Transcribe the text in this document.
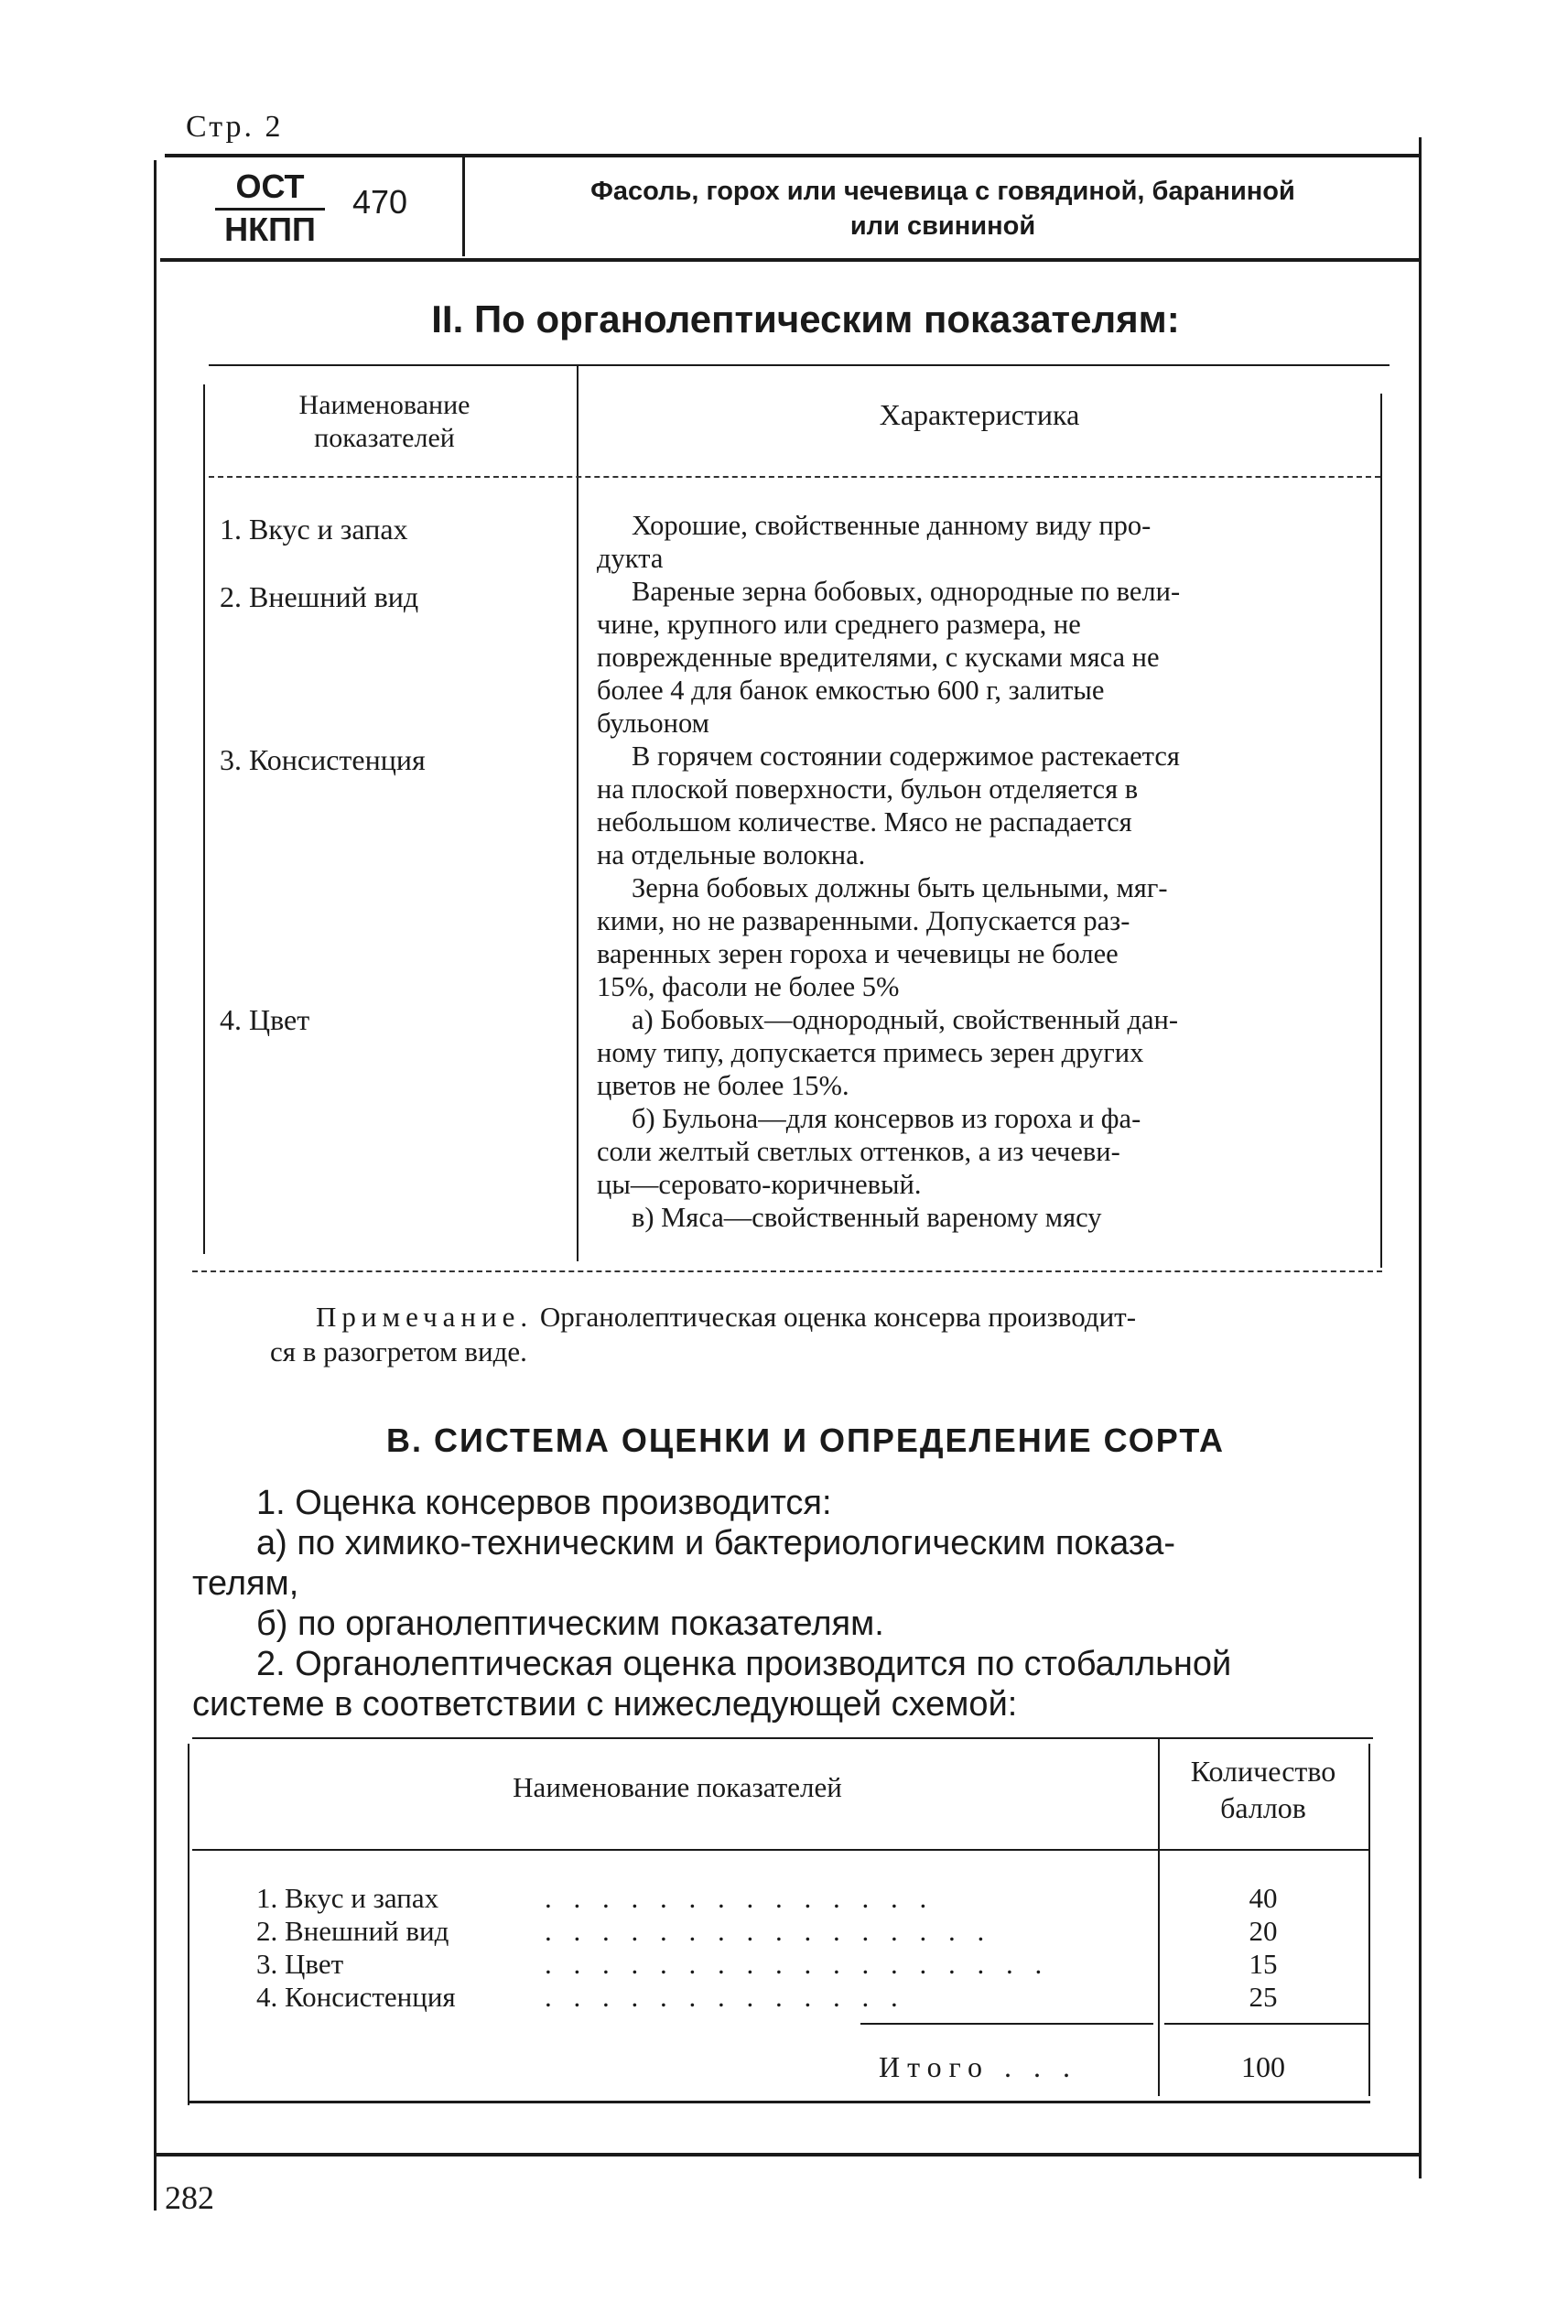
Стр. 2
ОСТ
НКПП
470	Фасоль, горох или чечевица с говядиной, бараниной
или свининой
II. По органолептическим показателям:
Наименование
показателей
Характеристика
1. Вкус и запах	Хорошие, свойственные данному виду про-
дукта
2. Внешний вид	Вареные зерна бобовых, однородные по вели-
чине, крупного или среднего размера, не
поврежденные вредителями, с кусками мяса не
более 4 для банок емкостью 600 г, залитые
бульоном
3. Консистенция	В горячем состоянии содержимое растекается
на плоской поверхности, бульон отделяется в
небольшом количестве. Мясо не распадается
на отдельные волокна.
Зерна бобовых должны быть цельными, мяг-
кими, но не разваренными. Допускается раз-
варенных зерен гороха и чечевицы не более
15%, фасоли не более 5%
4. Цвет	а) Бобовых—однородный, свойственный дан-
ному типу, допускается примесь зерен других
цветов не более 15%.
б) Бульона—для консервов из гороха и фа-
соли желтый светлых оттенков, а из чечеви-
цы—серовато-коричневый.
в) Мяса—свойственный вареному мясу
Примечание. Органолептическая оценка консерва производит-
ся в разогретом виде.
В. СИСТЕМА ОЦЕНКИ И ОПРЕДЕЛЕНИЕ СОРТА
1. Оценка консервов производится:
а) по химико-техническим и бактериологическим показа-
телям,
б) по органолептическим показателям.
2. Органолептическая оценка производится по стобалльной
системе в соответствии с нижеследующей схемой:
Наименование показателей	Количество
баллов
1. Вкус и запах	. . . . . . . . . . . . . .	40
2. Внешний вид	. . . . . . . . . . . . . . . .	20
3. Цвет	. . . . . . . . . . . . . . . . . .	15
4. Консистенция	. . . . . . . . . . . . .	25
Итого . . .	100
282
